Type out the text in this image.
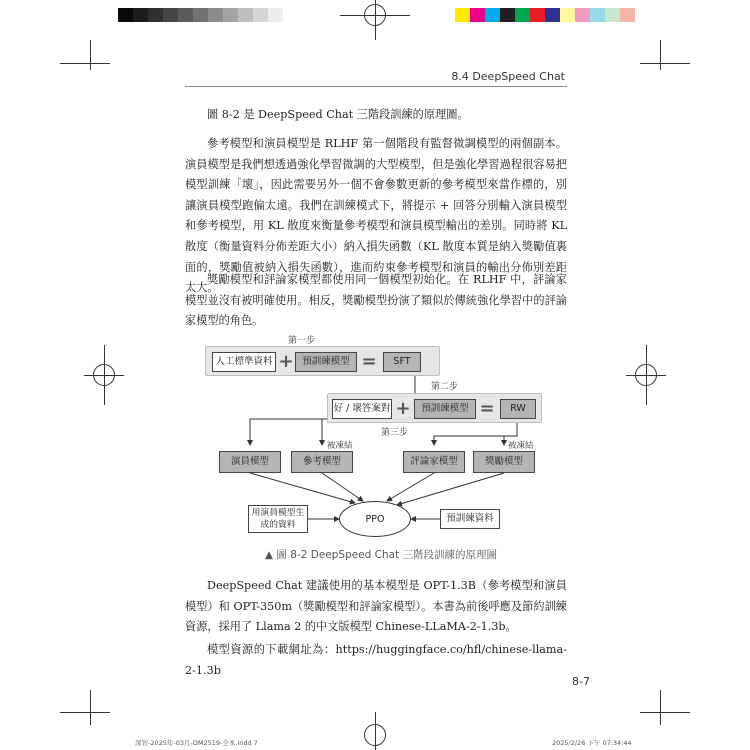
8.4 DeepSpeed Chat

圖 8-2 是 DeepSpeed Chat 三階段訓練的原理圖。

參考模型和演員模型是 RLHF 第一個階段有監督微調模型的兩個副本。演員模型是我們想透過強化學習微調的大型模型，但是強化學習過程很容易把模型訓練「壞」，因此需要另外一個不會參數更新的參考模型來當作標的，別讓演員模型跑偏太遠。我們在訓練模式下，將提示 + 回答分別輸入演員模型和參考模型，用 KL 散度來衡量參考模型和演員模型輸出的差別。同時將 KL 散度（衡量資料分佈差距大小）納入損失函數（KL 散度本質是納入獎勵值裏面的，獎勵值被納入損失函數），進而約束參考模型和演員的輸出分佈別差距太大。

獎勵模型和評論家模型都使用同一個模型初始化。在 RLHF 中，評論家模型並沒有被明確使用。相反，獎勵模型扮演了類似於傳統強化學習中的評論家模型的角色。

第一步
人工標準資料 + 預訓練模型 =	SFT
第二步
好 / 壞答案對 +	預訓練模型 =	RW
第三步
被凍結	被凍結
演員模型	參考模型	評論家模型	獎勵模型
用演員模型生成的資料
PPO	預訓練資料
▲ 圖 8-2 DeepSpeed Chat 三階段訓練的原理圖

DeepSpeed Chat 建議使用的基本模型是 OPT-1.3B（參考模型和演員模型）和 OPT-350m（獎勵模型和評論家模型）。本書為前後呼應及節約訓練資源，採用了 Llama 2 的中文版模型 Chinese-LLaMA-2-1.3b。

模型資源的下載網址為：https://huggingface.co/hfl/chinese-llama-2-1.3b

8-7
深智-2025年-03月-DM2519-全本.indd 7	2025/2/26 下午 07:34:44
